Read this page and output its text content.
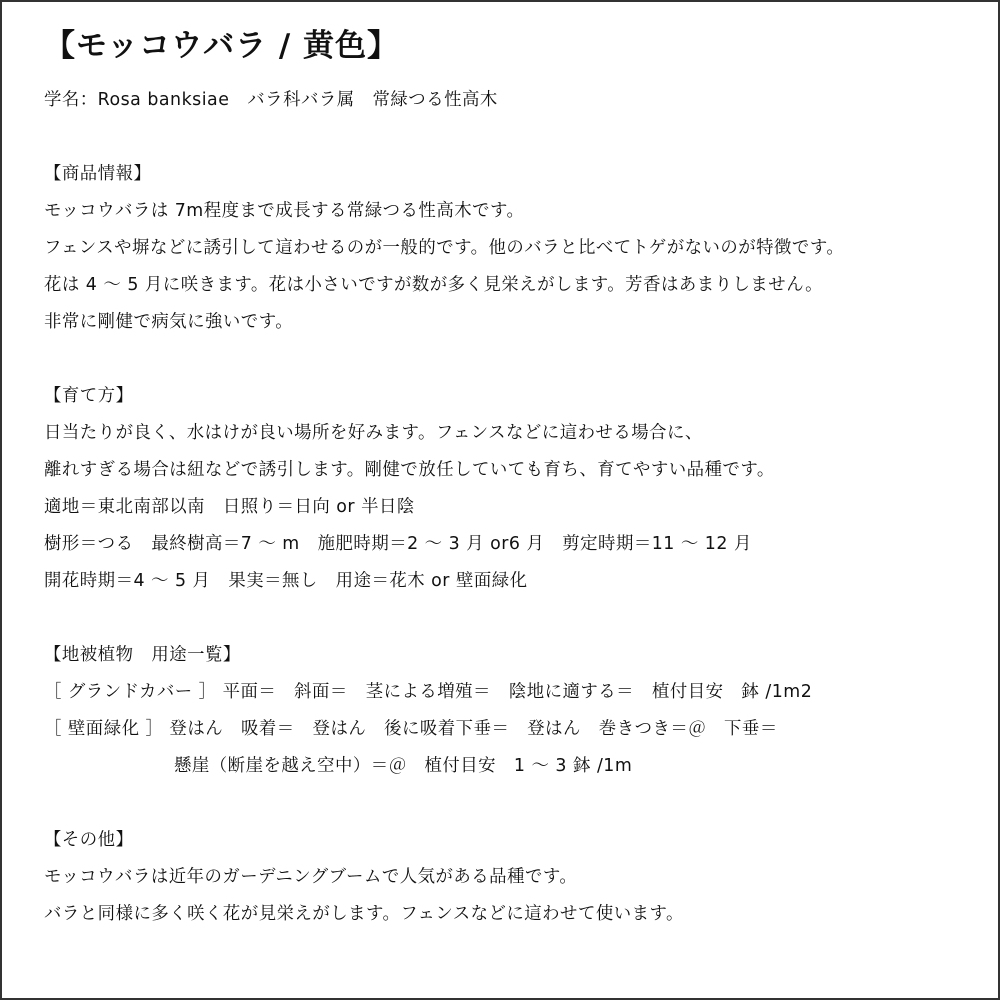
【モッコウバラ / 黄色】
学名：Rosa banksiae　バラ科バラ属　常緑つる性高木
【商品情報】
モッコウバラは 7m程度まで成長する常緑つる性高木です。
フェンスや塀などに誘引して這わせるのが一般的です。他のバラと比べてトゲがないのが特徴です。
花は 4 ～ 5 月に咲きます。花は小さいですが数が多く見栄えがします。芳香はあまりしません。
非常に剛健で病気に強いです。
【育て方】
日当たりが良く、水はけが良い場所を好みます。フェンスなどに這わせる場合に、
離れすぎる場合は紐などで誘引します。剛健で放任していても育ち、育てやすい品種です。
適地＝東北南部以南　日照り＝日向 or 半日陰
樹形＝つる　最終樹高＝7 ～ m　施肥時期＝2 ～ 3 月 or6 月　剪定時期＝11 ～ 12 月
開花時期＝4 ～ 5 月　果実＝無し　用途＝花木 or 壁面緑化
【地被植物　用途一覧】
［ グランドカバー ］ 平面＝　斜面＝　茎による増殖＝　陰地に適する＝　植付目安　鉢 /1m2
［ 壁面緑化 ］ 登はん　吸着＝　登はん　後に吸着下垂＝　登はん　巻きつき＝＠　下垂＝
懸崖（断崖を越え空中）＝＠　植付目安　1 ～ 3 鉢 /1m
【その他】
モッコウバラは近年のガーデニングブームで人気がある品種です。
バラと同様に多く咲く花が見栄えがします。フェンスなどに這わせて使います。
